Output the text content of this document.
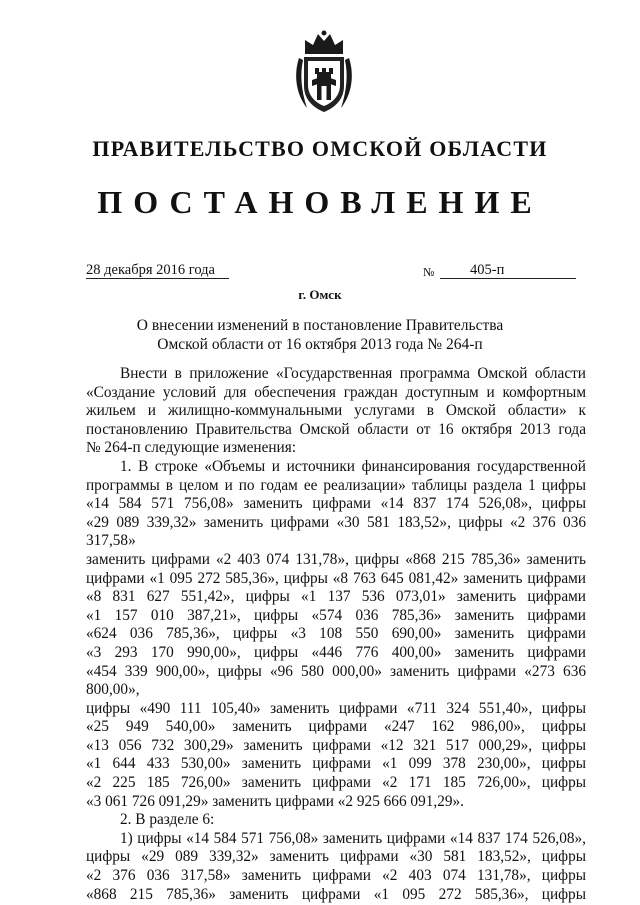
ПРАВИТЕЛЬСТВО ОМСКОЙ ОБЛАСТИ
ПОСТАНОВЛЕНИЕ
28 декабря 2016 года	№	405-п
г. Омск
О внесении изменений в постановление Правительства
Омской области от 16 октября 2013 года № 264-п

Внести в приложение «Государственная программа Омской области

«Создание условий для обеспечения граждан доступным и комфортным

жильем и жилищно-коммунальными услугами в Омской области» к

постановлению Правительства Омской области от 16 октября 2013 года

№ 264-п следующие изменения:

1. В строке «Объемы и источники финансирования государственной

программы в целом и по годам ее реализации» таблицы раздела 1 цифры

«14 584 571 756,08» заменить цифрами «14 837 174 526,08», цифры

«29 089 339,32» заменить цифрами «30 581 183,52», цифры «2 376 036 317,58»

заменить цифрами «2 403 074 131,78», цифры «868 215 785,36» заменить

цифрами «1 095 272 585,36», цифры «8 763 645 081,42» заменить цифрами

«8 831 627 551,42», цифры «1 137 536 073,01» заменить цифрами

«1 157 010 387,21», цифры «574 036 785,36» заменить цифрами

«624 036 785,36», цифры «3 108 550 690,00» заменить цифрами

«3 293 170 990,00», цифры «446 776 400,00» заменить цифрами

«454 339 900,00», цифры «96 580 000,00» заменить цифрами «273 636 800,00»,

цифры «490 111 105,40» заменить цифрами «711 324 551,40», цифры

«25 949 540,00» заменить цифрами «247 162 986,00», цифры

«13 056 732 300,29» заменить цифрами «12 321 517 000,29», цифры

«1 644 433 530,00» заменить цифрами «1 099 378 230,00», цифры

«2 225 185 726,00» заменить цифрами «2 171 185 726,00», цифры

«3 061 726 091,29» заменить цифрами «2 925 666 091,29».

2. В разделе 6:

1) цифры «14 584 571 756,08» заменить цифрами «14 837 174 526,08»,

цифры «29 089 339,32» заменить цифрами «30 581 183,52», цифры

«2 376 036 317,58» заменить цифрами «2 403 074 131,78», цифры

«868 215 785,36» заменить цифрами «1 095 272 585,36», цифры
